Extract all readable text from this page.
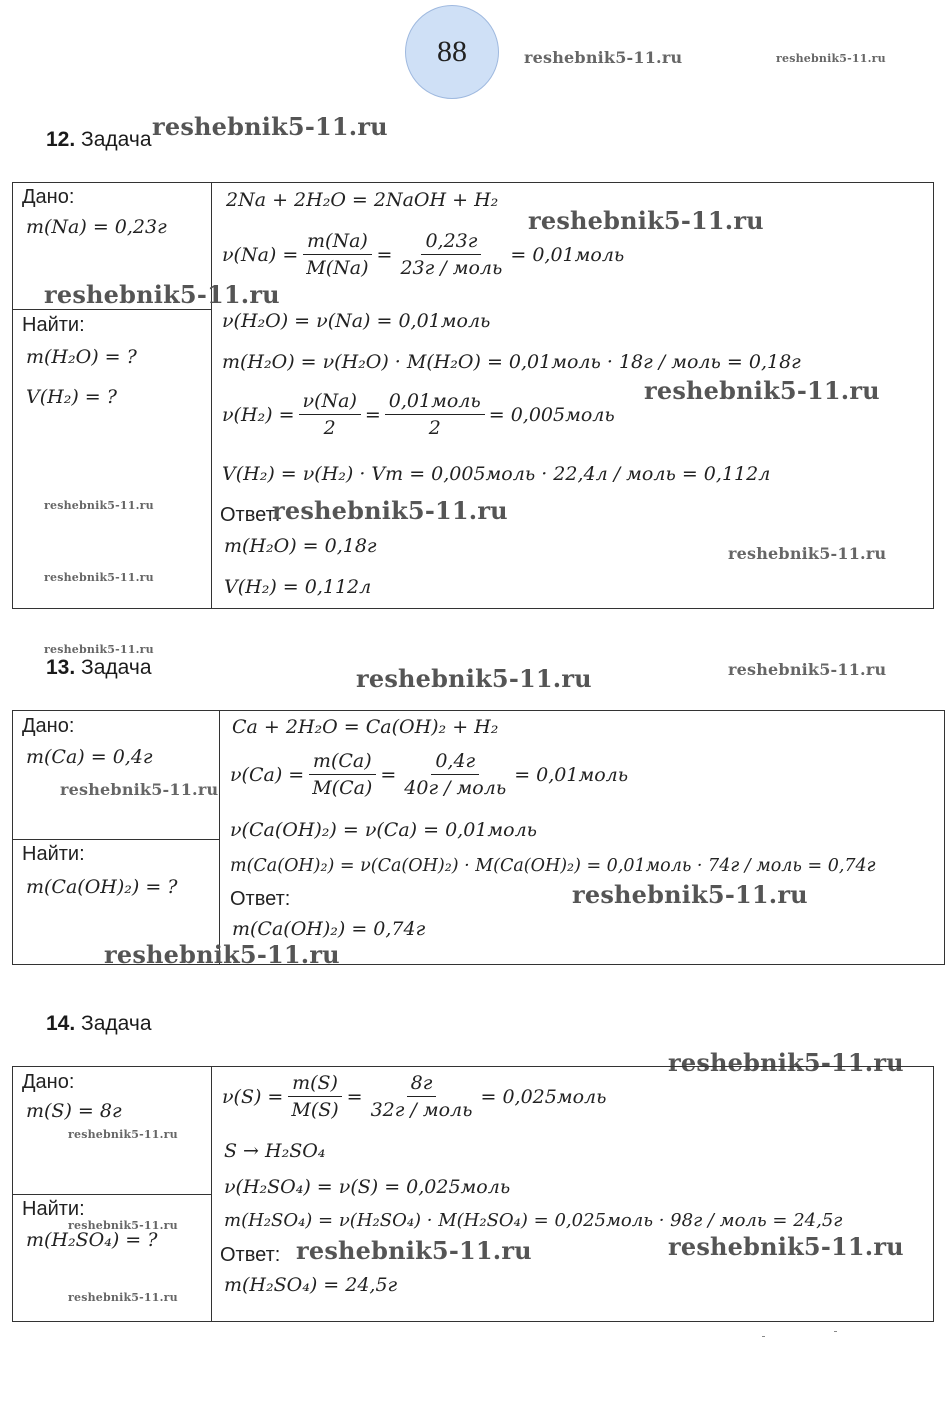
88	reshebnik5-11.ru	reshebnik5-11.ru
reshebnik5-11.ru
12. Задача
Дано:
m(Na) = 0,23г
Найти:
m(H₂O) = ?
V(H₂) = ?
2Na + 2H₂O = 2NaOH + H₂
$\nu(Na) = \frac{m(Na)}{M(Na)} = \frac{0,23г}{\text{23г / моль}}$ = 0,01моль
ν(H₂O) = ν(Na) = 0,01моль
m(H₂O) = ν(H₂O) · M(H₂O) = 0,01моль · 18г / моль = 0,18г
$\nu(H_2) = \frac{\nu(Na)}{2} = \frac{\text{0,01моль}}{2}$ = 0,005моль
V(H₂) = ν(H₂) · Vm = 0,005моль · 22,4л / моль = 0,112л
Ответ:
m(H₂O) = 0,18г
V(H₂) = 0,112л
reshebnik5-11.ru
reshebnik5-11.ru
reshebnik5-11.ru
reshebnik5-11.ru
reshebnik5-11.ru
reshebnik5-11.ru
reshebnik5-11.ru
reshebnik5-11.ru
13. Задача	reshebnik5-11.ru
reshebnik5-11.ru
Дано:
m(Ca) = 0,4г
reshebnik5-11.ru
Найти:
m(Ca(OH)₂) = ?
Ca + 2H₂O = Ca(OH)₂ + H₂
$\nu(Ca) = \frac{m(Ca)}{M(Ca)} = \frac{0,4г}{\text{40г / моль}}$ = 0,01моль
ν(Ca(OH)₂) = ν(Ca) = 0,01моль
m(Ca(OH)₂) = ν(Ca(OH)₂) · M(Ca(OH)₂) = 0,01моль · 74г / моль = 0,74г
Ответ:
m(Ca(OH)₂) = 0,74г
reshebnik5-11.ru
reshebnik5-11.ru
14. Задача
reshebnik5-11.ru
Дано:
m(S) = 8г
reshebnik5-11.ru
Найти:
reshebnik5-11.ru
m(H₂SO₄) = ?
reshebnik5-11.ru
$\nu(S) = \frac{m(S)}{M(S)} = \frac{8г}{\text{32г / моль}}$ = 0,025моль
S → H₂SO₄
ν(H₂SO₄) = ν(S) = 0,025моль
m(H₂SO₄) = ν(H₂SO₄) · M(H₂SO₄) = 0,025моль · 98г / моль = 24,5г
Ответ:
m(H₂SO₄) = 24,5г
reshebnik5-11.ru	reshebnik5-11.ru
